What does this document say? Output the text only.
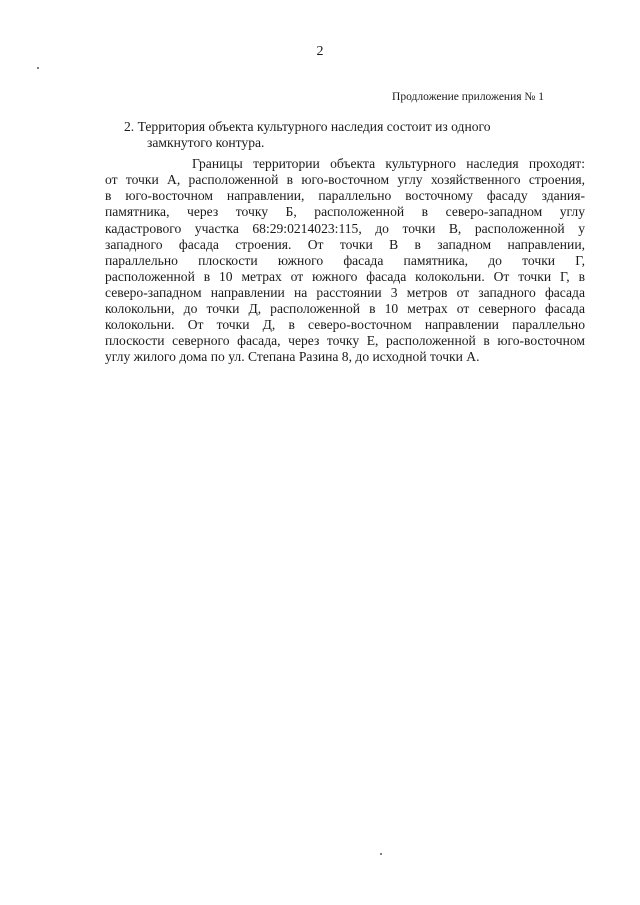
2
Продложение приложения № 1
2. Территория объекта культурного наследия состоит из одного
замкнутого контура.
Границы территории объекта культурного наследия проходят:
от точки А, расположенной в юго-восточном углу хозяйственного строения,
в юго-восточном направлении, параллельно восточному фасаду здания-
памятника, через точку Б, расположенной в северо-западном углу
кадастрового участка 68:29:0214023:115, до точки В, расположенной у
западного фасада строения. От точки В в западном направлении,
параллельно плоскости южного фасада памятника, до точки Г,
расположенной в 10 метрах от южного фасада колокольни. От точки Г, в
северо-западном направлении на расстоянии 3 метров от западного фасада
колокольни, до точки Д, расположенной в 10 метрах от северного фасада
колокольни. От точки Д, в северо-восточном направлении параллельно
плоскости северного фасада, через точку Е, расположенной в юго-восточном
углу жилого дома по ул. Степана Разина 8, до исходной точки А.
